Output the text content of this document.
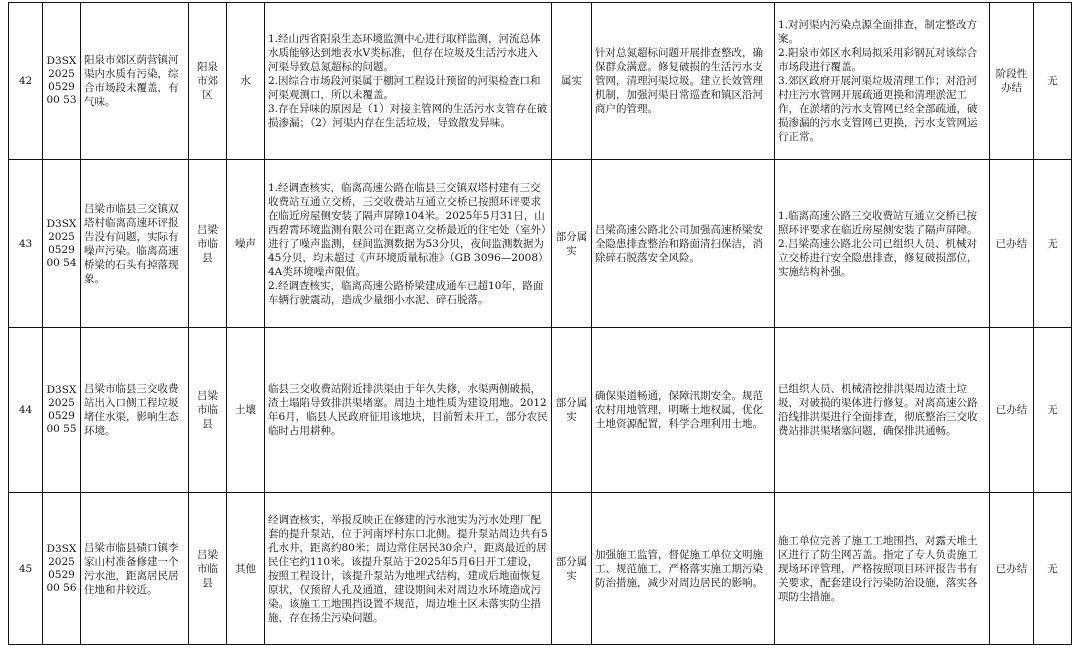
42	D3SX2025052900 53	阳泉市郊区荫营镇河渠内水质有污染，综合市场段未覆盖，有气味。	阳泉市郊区	水	1.经山西省阳泉生态环境监测中心进行取样监测，河流总体水质能够达到地表水Ⅴ类标准，但存在垃圾及生活污水进入河渠导致总氮超标的问题。
2.因综合市场段河渠属于棚河工程设计预留的河渠检查口和河渠观测口，所以未覆盖。
3.存在异味的原因是（1）对接主管网的生活污水支管存在破损渗漏；（2）河渠内存在生活垃圾，导致散发异味。	属实	针对总氮超标问题开展排查整改，确保群众满意。修复破损的生活污水支管网，清理河渠垃圾。建立长效管理机制，加强河渠日常巡查和镇区沿河商户的管理。	1.对河渠内污染点源全面排查，制定整改方案。
2.阳泉市郊区水利局拟采用彩钢瓦对该综合市场段进行覆盖。
3.郊区政府开展河渠垃圾清理工作；对沿河村庄污水管网开展疏通更换和清理淤泥工作，在淤堵的污水支管网已经全部疏通，破损渗漏的污水支管网已更换，污水支管网运行正常。	阶段性办结	无
43	D3SX2025052900 54	吕梁市临县三交镇双塔村临离高速环评报告没有问题，实际有噪声污染。临离高速桥梁的石头有掉落现象。	吕梁市临县	噪声	1.经调查核实，临离高速公路在临县三交镇双塔村建有三交收费站互通立交桥，三交收费站互通立交桥已按照环评要求在临近房屋侧安装了隔声屏障104米。2025年5月31日，山西碧霄环境监测有限公司在距离立交桥最近的住宅处（室外）进行了噪声监测，昼间监测数据为53分贝，夜间监测数据为45分贝，均未超过《声环境质量标准》（GB 3096—2008）4A类环境噪声限值。
2.经调查核实，临离高速公路桥梁建成通车已超10年，路面车辆行驶震动，造成少量细小水泥、碎石脱落。	部分属实	吕梁高速公路北公司加强高速桥梁安全隐患排查整治和路面清扫保洁，消除碎石脱落安全风险。	1.临离高速公路三交收费站互通立交桥已按照环评要求在临近房屋侧安装了隔声屏障。
2.吕梁高速公路北公司已组织人员、机械对立交桥进行安全隐患排查，修复破损部位，实施结构补强。	已办结	无
44	D3SX2025052900 55	吕梁市临县三交收费站出入口侧工程垃圾堵住水渠，影响生态环境。	吕梁市临县	土壤	临县三交收费站附近排洪渠由于年久失修，水渠两侧破损，渣土塌陷导致排洪渠堵塞。周边土地性质为建设用地。2012年6月，临县人民政府征用该地块，目前暂未开工，部分农民临时占用耕种。	部分属实	确保渠道畅通，保障汛期安全。规范农村用地管理，明晰土地权属，优化土地资源配置，科学合理利用土地。	已组织人员、机械清挖排洪渠周边渣土垃圾，对破损的渠体进行修复。对离高速公路沿线排洪渠进行全面排查，彻底整治三交收费站排洪渠堵塞问题，确保排洪通畅。	已办结	无
45	D3SX2025052900 56	吕梁市临县碛口镇李家山村准备修建一个污水池，距离居民居住地和井较近。	吕梁市临县	其他	经调查核实，举报反映正在修建的污水池实为污水处理厂配套的提升泵站，位于河南坪村东口北侧。提升泵站周边共有5孔水井，距离约80米；周边常住居民30余户，距离最近的居民住宅约110米。该提升泵站于2025年5月6日开工建设，按照工程设计，该提升泵站为地埋式结构，建成后地面恢复原状，仅预留人孔及通道，建设期间未对周边水环境造成污染。该施工工地围挡设置不规范，周边堆土区未落实防尘措施，存在扬尘污染问题。	部分属实	加强施工监管，督促施工单位文明施工、规范施工，严格落实施工期污染防治措施，减少对周边居民的影响。	施工单位完善了施工工地围挡，对露天堆土区进行了防尘网苫盖。指定了专人负责施工现场环评管理，严格按照项目环评报告书有关要求，配套建设行污染防治设施，落实各项防尘措施。	已办结	无
